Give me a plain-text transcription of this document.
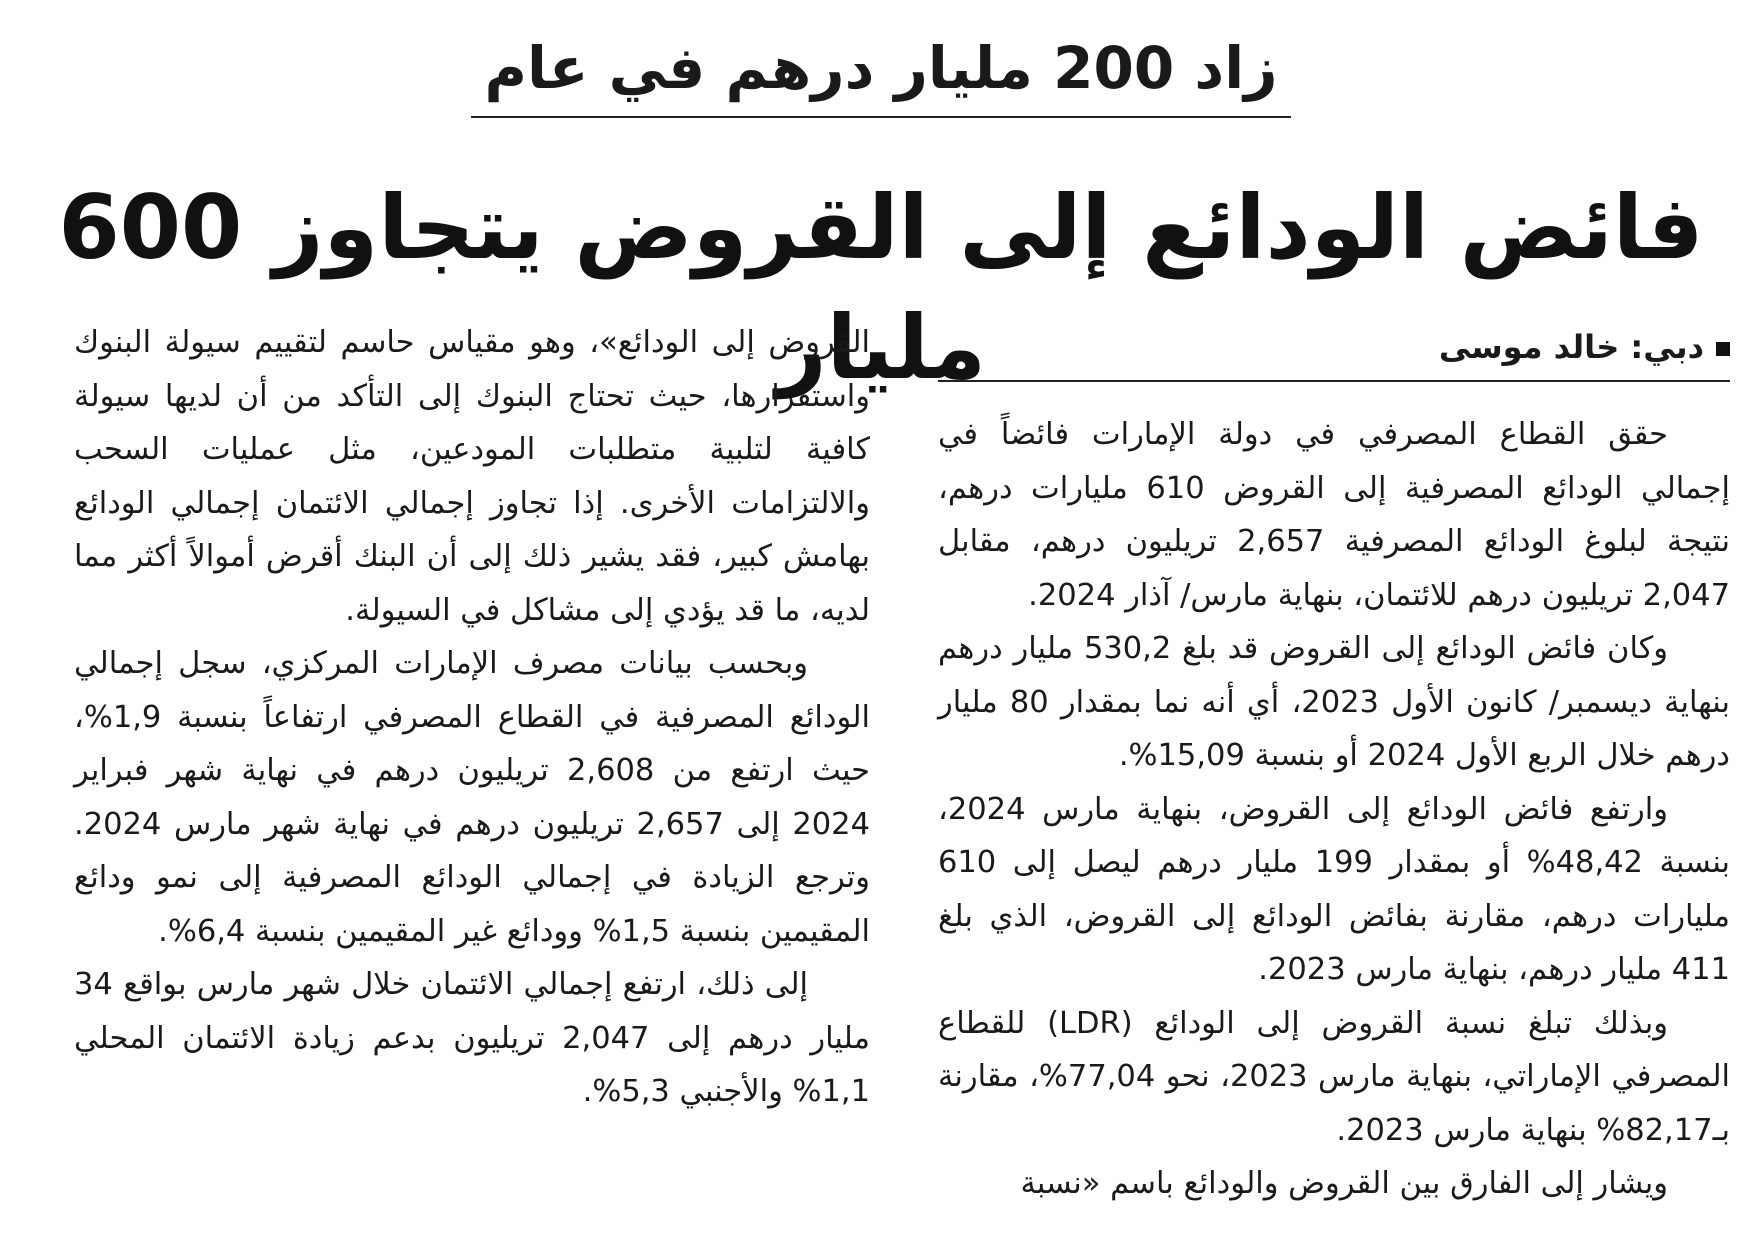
زاد 200 مليار درهم في عام
فائض الودائع إلى القروض يتجاوز 600 مليار	دبي: خالد موسى

حقق القطاع المصرفي في دولة الإمارات فائضاً في إجمالي الودائع المصرفية إلى القروض 610 مليارات درهم، نتيجة لبلوغ الودائع المصرفية 2,657 تريليون درهم، مقابل 2,047 تريليون درهم للائتمان، بنهاية مارس/ آذار 2024.

وكان فائض الودائع إلى القروض قد بلغ 530,2 مليار درهم بنهاية ديسمبر/ كانون الأول 2023، أي أنه نما بمقدار 80 مليار درهم خلال الربع الأول 2024 أو بنسبة 15,09%.

وارتفع فائض الودائع إلى القروض، بنهاية مارس 2024، بنسبة 48,42% أو بمقدار 199 مليار درهم ليصل إلى 610 مليارات درهم، مقارنة بفائض الودائع إلى القروض، الذي بلغ 411 مليار درهم، بنهاية مارس 2023.

وبذلك تبلغ نسبة القروض إلى الودائع (LDR) للقطاع المصرفي الإماراتي، بنهاية مارس 2023، نحو 77,04%، مقارنة بـ82,17% بنهاية مارس 2023.

ويشار إلى الفارق بين القروض والودائع باسم «نسبة

القروض إلى الودائع»، وهو مقياس حاسم لتقييم سيولة البنوك واستقرارها، حيث تحتاج البنوك إلى التأكد من أن لديها سيولة كافية لتلبية متطلبات المودعين، مثل عمليات السحب والالتزامات الأخرى. إذا تجاوز إجمالي الائتمان إجمالي الودائع بهامش كبير، فقد يشير ذلك إلى أن البنك أقرض أموالاً أكثر مما لديه، ما قد يؤدي إلى مشاكل في السيولة.

وبحسب بيانات مصرف الإمارات المركزي، سجل إجمالي الودائع المصرفية في القطاع المصرفي ارتفاعاً بنسبة 1,9%، حيث ارتفع من 2,608 تريليون درهم في نهاية شهر فبراير 2024 إلى 2,657 تريليون درهم في نهاية شهر مارس 2024. وترجع الزيادة في إجمالي الودائع المصرفية إلى نمو ودائع المقيمين بنسبة 1,5% وودائع غير المقيمين بنسبة 6,4%.

إلى ذلك، ارتفع إجمالي الائتمان خلال شهر مارس بواقع 34 مليار درهم إلى 2,047 تريليون بدعم زيادة الائتمان المحلي 1,1% والأجنبي 5,3%.
